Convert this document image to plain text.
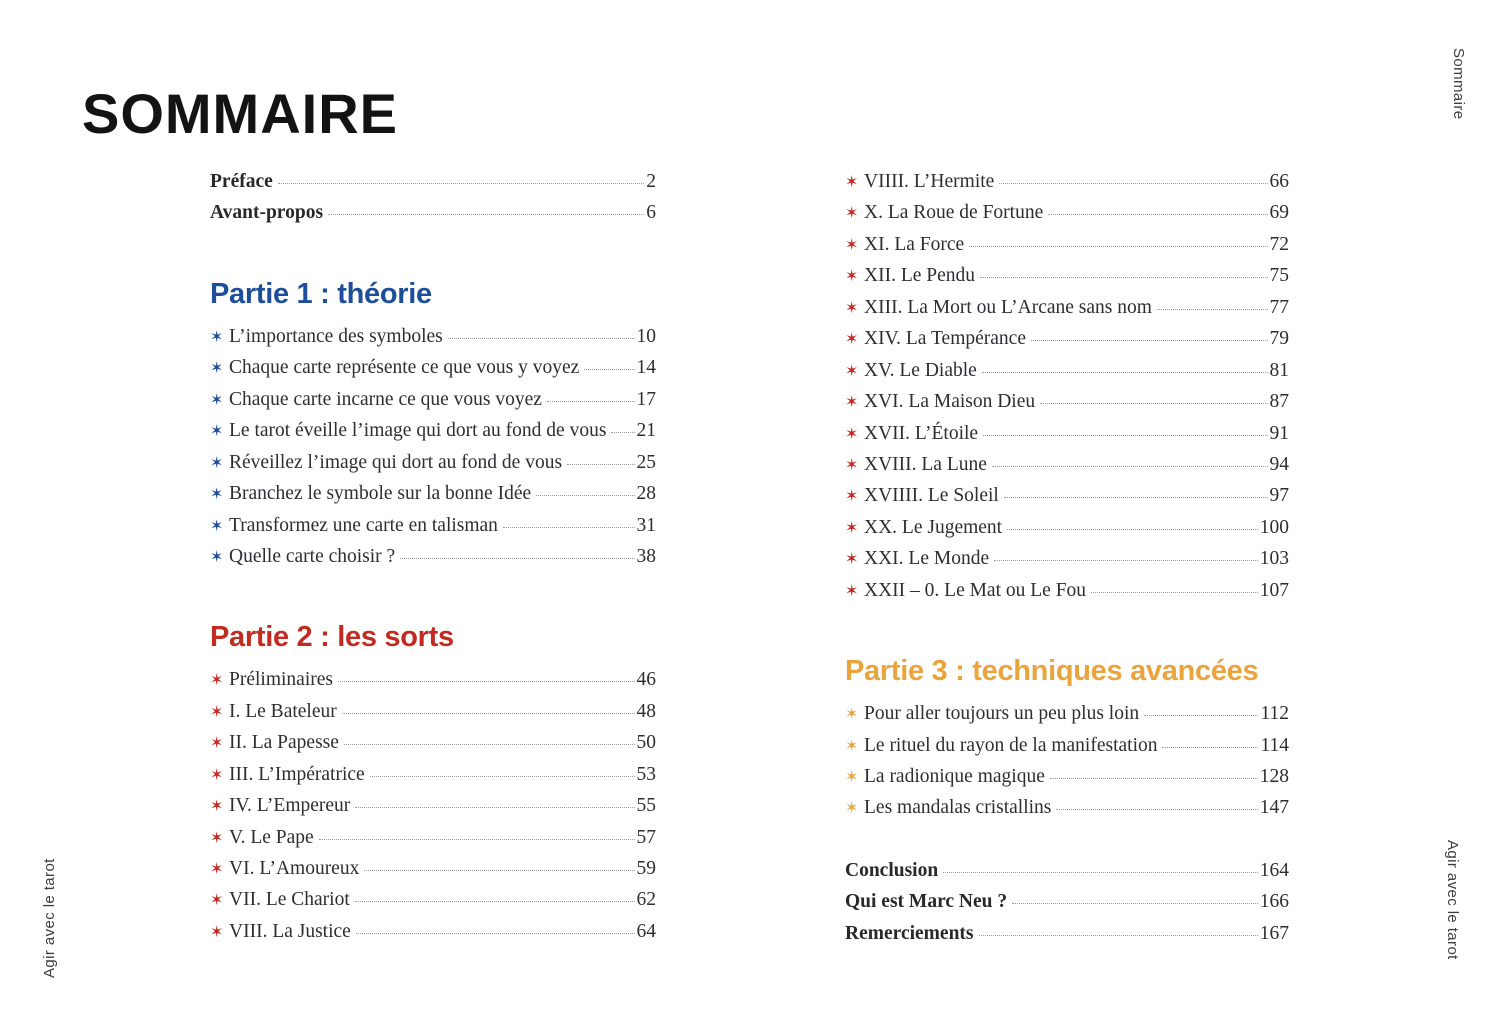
SOMMAIRE
Préface	2
Avant-propos	6
Partie 1 : théorie
✶ L’importance des symboles	10
✶ Chaque carte représente ce que vous y voyez	14
✶ Chaque carte incarne ce que vous voyez	17
✶ Le tarot éveille l’image qui dort au fond de vous 21
✶ Réveillez l’image qui dort au fond de vous	25
✶ Branchez le symbole sur la bonne Idée	28
✶ Transformez une carte en talisman	31
✶ Quelle carte choisir ?	38
Partie 2 : les sorts
✶ Préliminaires	46
✶ I. Le Bateleur	48
✶ II. La Papesse	50
✶ III. L’Impératrice	53
✶ IV. L’Empereur	55
✶ V. Le Pape	57
✶ VI. L’Amoureux	59
✶ VII. Le Chariot	62
✶ VIII. La Justice	64
✶ VIIII. L’Hermite	66
✶ X. La Roue de Fortune	69
✶ XI. La Force	72
✶ XII. Le Pendu	75
✶ XIII. La Mort ou L’Arcane sans nom	77
✶ XIV. La Tempérance	79
✶ XV. Le Diable	81
✶ XVI. La Maison Dieu	87
✶ XVII. L’Étoile	91
✶ XVIII. La Lune	94
✶ XVIIII. Le Soleil	97
✶ XX. Le Jugement	100
✶ XXI. Le Monde	103
✶ XXII – 0. Le Mat ou Le Fou	107
Partie 3 : techniques avancées
✶ Pour aller toujours un peu plus loin	112
✶ Le rituel du rayon de la manifestation	114
✶ La radionique magique	128
✶ Les mandalas cristallins	147
Conclusion	164
Qui est Marc Neu ?	166
Remerciements	167
Sommaire
Agir avec le tarot	Agir avec le tarot
